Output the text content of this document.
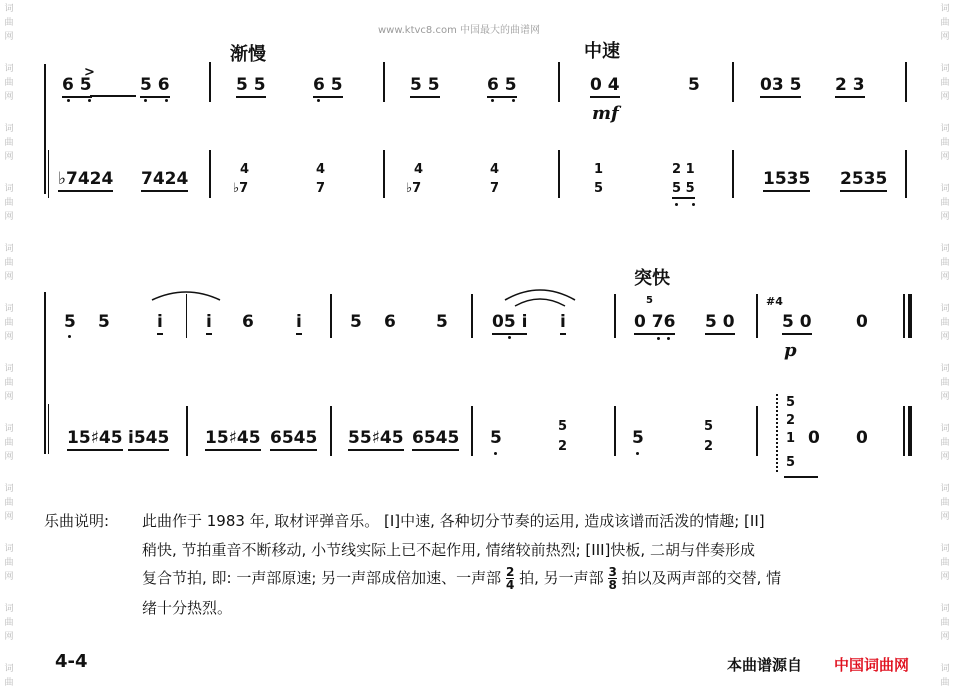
词
曲
网
词
曲
网
词
曲
网
词
曲
网
词
曲
网
词
曲
网
词
曲
网
词
曲
网
词
曲
网
词
曲
网
词
曲
网
词
曲
词
曲
网
词
曲
网
词
曲
网
词
曲
网
词
曲
网
词
曲
网
词
曲
网
词
曲
网
词
曲
网
词
曲
网
词
曲
网
词
曲
www.ktvc8.com 中国最大的曲谱网
渐慢	中速
>
6 5	5 6	5 5	6 5	5 5	6 5	0 4	5
mf
03 5 2 3
♭7424 7424	4	4
♭7	7
4	4
♭7	7
1	2 1
5	5 5	1535 2535
突快
5 5	i	i 6 i	5 6 5	05 i i
5
0 76 5 0
#4
5 0	0
p
15♯45 i545 15♯45 6545 55♯45 6545 5
5
2	5
5
2
5
2
1
5
0 0
乐曲说明: 此曲作于 1983 年, 取材评弹音乐。 [I]中速, 各种切分节奏的运用, 造成该谱而活泼的情趣; [II]
稍快, 节拍重音不断移动, 小节线实际上已不起作用, 情绪较前热烈; [III]快板, 二胡与伴奏形成
复合节拍, 即: 一声部原速; 另一声部成倍加速、一声部 $\frac{2}{4}$ 拍, 另一声部 $\frac{3}{8}$ 拍以及两声部的交替, 情
绪十分热烈。
4-4	本曲谱源自 中国词曲网
